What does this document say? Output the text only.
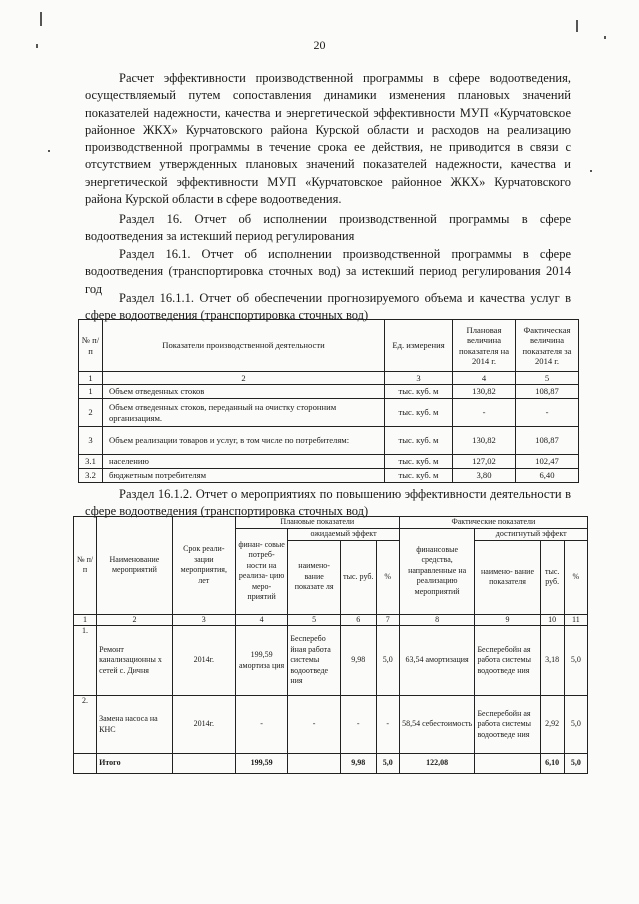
20

Расчет эффективности производственной программы в сфере водоотведения, осуществляемый путем сопоставления динамики изменения плановых значений показателей надежности, качества и энергетической эффективности МУП «Курчатовское районное ЖКХ» Курчатовского района Курской области и расходов на реализацию производственной программы в течение срока ее действия, не приводится в связи с отсутствием утвержденных плановых значений показателей надежности, качества и энергетической эффективности МУП «Курчатовское районное ЖКХ» Курчатовского района Курской области в сфере водоотведения.

Раздел 16. Отчет об исполнении производственной программы в сфере водоотведения за истекший период регулирования

Раздел 16.1. Отчет об исполнении производственной программы в сфере водоотведения (транспортировка сточных вод) за истекший период регулирования 2014 год

Раздел 16.1.1. Отчет об обеспечении прогнозируемого объема и качества услуг в сфере водоотведения (транспортировка сточных вод)

№ п/п	Показатели производственной деятельности	Ед. измерения	Плановая величина показателя на 2014 г.	Фактическая величина показателя за 2014 г.
1	2	3	4	5
1	Объем отведенных стоков	тыс. куб. м	130,82	108,87
2	Объем отведенных стоков, переданный на очистку сторонним организациям.	тыс. куб. м	-	-
3	Объем реализации товаров и услуг, в том числе по потребителям:	тыс. куб. м	130,82	108,87
3.1	населению	тыс. куб. м	127,02	102,47
3.2	бюджетным потребителям	тыс. куб. м	3,80	6,40

Раздел 16.1.2. Отчет о мероприятиях по повышению эффективности деятельности в сфере водоотведения (транспортировка сточных вод)

№ п/ п	Наименование мероприятий	Срок реали- зации мероприятия, лет	Плановые показатели				Фактические показатели			
			финан- совые потреб- ности на реализа- цию меро- приятий	ожидаемый эффект			финансовые средства, направленные на реализацию мероприятий	достигнутый эффект		
				наимено- вание показате ля	тыс. руб.	%		наимено- вание показателя	тыс. руб.	%
1	2	3	4	5	6	7	8	9	10	11
1.	Ремонт канализационны х сетей с. Дичня	2014г.	199,59 амортиза ция	Бесперебо йная работа системы водоотведе ния	9,98	5,0	63,54 амортизация	Бесперебойн ая работа системы водоотведе ния	3,18	5,0
2.	Замена насоса на КНС	2014г.	-	-	-	-	58,54 себестоимость	Бесперебойн ая работа системы водоотведе ния	2,92	5,0
	Итого		199,59		9,98	5,0	122,08		6,10	5,0
